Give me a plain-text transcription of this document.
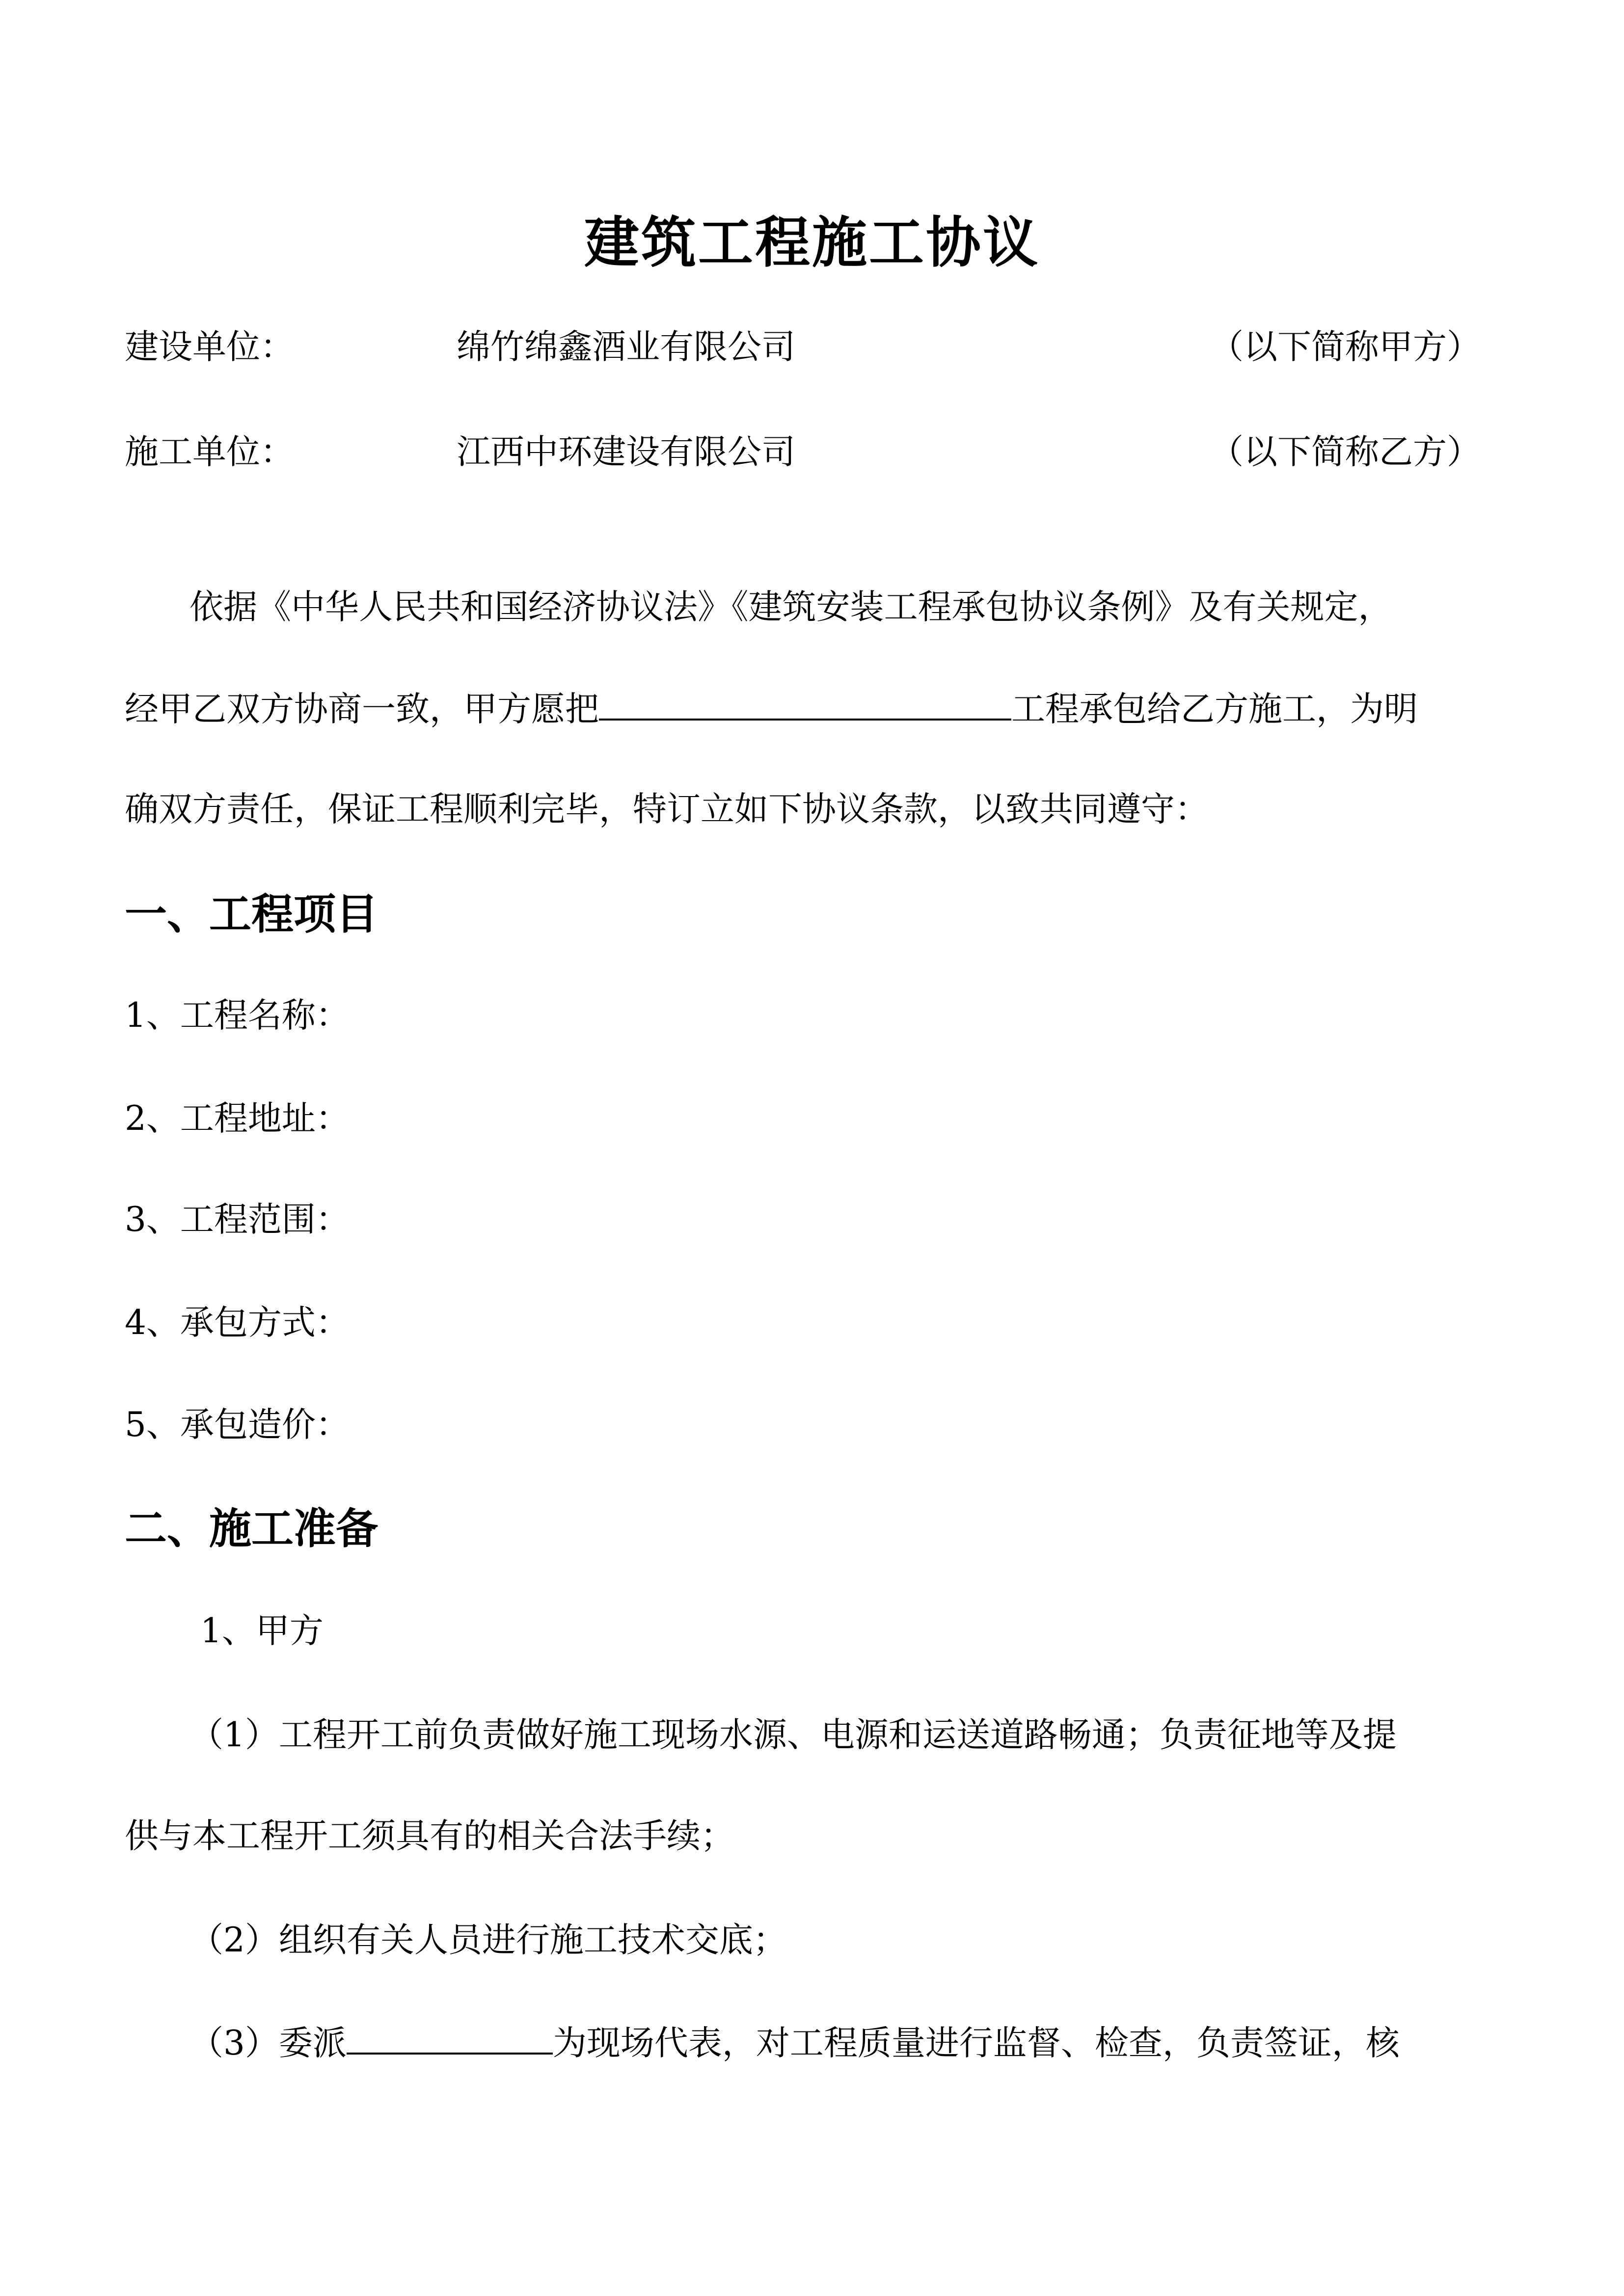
建筑工程施工协议
建设单位：	绵竹绵鑫酒业有限公司	（以下简称甲方）
施工单位：	江西中环建设有限公司	（以下简称乙方）
依据《中华人民共和国经济协议法》《建筑安装工程承包协议条例》及有关规定，
经甲乙双方协商一致，甲方愿把	工程承包给乙方施工，为明
确双方责任，保证工程顺利完毕，特订立如下协议条款，以致共同遵守：
一、工程项目
1、工程名称：
2、工程地址：
3、工程范围：
4、承包方式：
5、承包造价：
二、施工准备
1、甲方
（1）工程开工前负责做好施工现场水源、电源和运送道路畅通；负责征地等及提
供与本工程开工须具有的相关合法手续；
（2）组织有关人员进行施工技术交底；
（3）委派	为现场代表，对工程质量进行监督、检查，负责签证，核
